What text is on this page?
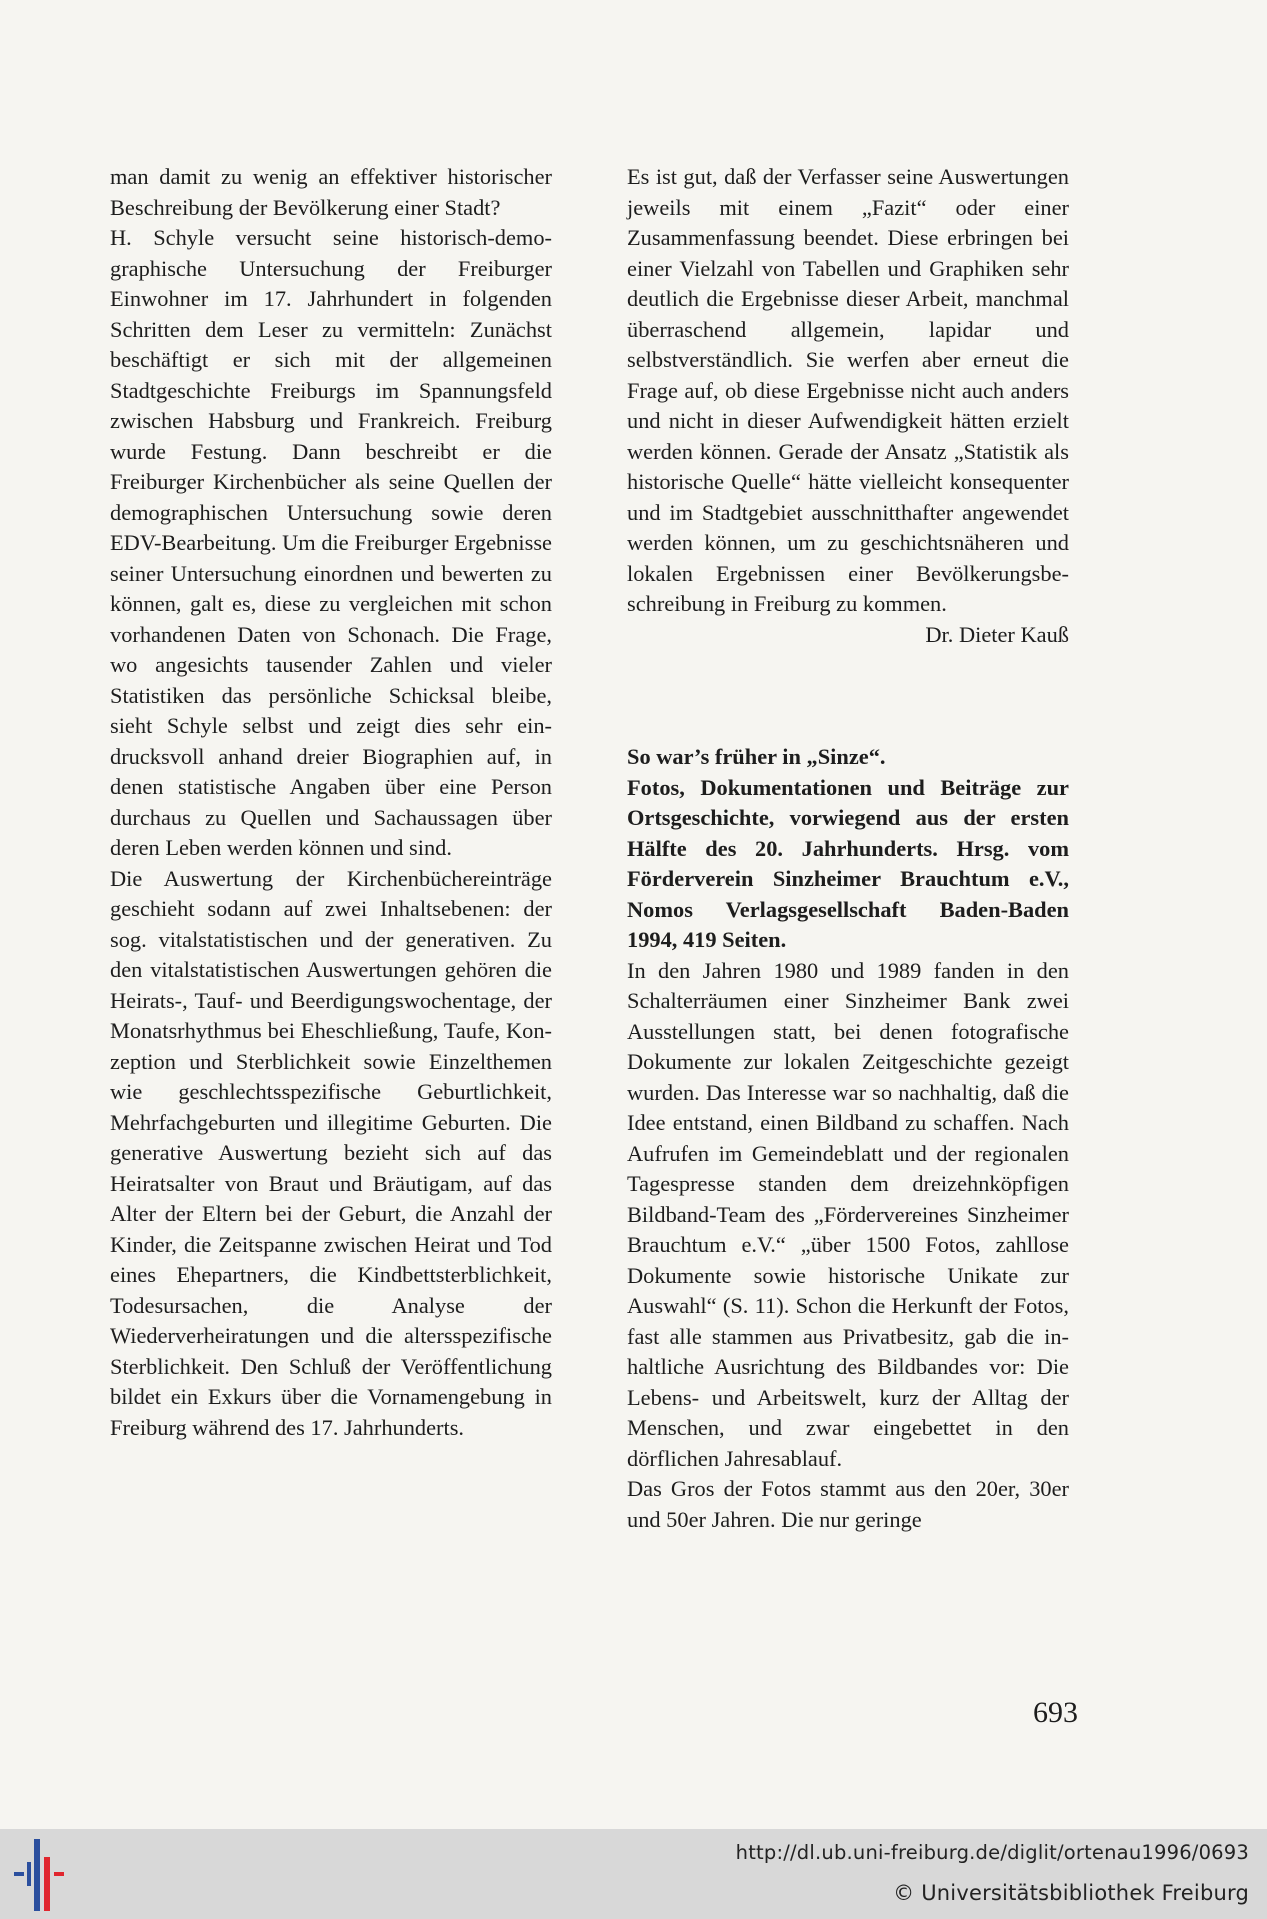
man damit zu wenig an effektiver historischer Beschreibung der Bevölkerung einer Stadt?

H. Schyle versucht seine historisch-demographische Untersuchung der Freiburger Einwohner im 17. Jahrhundert in folgenden Schritten dem Leser zu vermitteln: Zunächst beschäftigt er sich mit der allgemeinen Stadtgeschichte Freiburgs im Spannungsfeld zwischen Habsburg und Frankreich. Freiburg wurde Festung. Dann beschreibt er die Freiburger Kirchenbücher als seine Quellen der demographischen Untersuchung sowie deren EDV-Bearbeitung. Um die Freiburger Ergebnisse seiner Untersuchung einordnen und bewerten zu können, galt es, diese zu vergleichen mit schon vorhandenen Daten von Schonach. Die Frage, wo angesichts tausender Zahlen und vieler Statistiken das persönliche Schicksal bleibe, sieht Schyle selbst und zeigt dies sehr eindrucksvoll anhand dreier Biographien auf, in denen statistische Angaben über eine Person durchaus zu Quellen und Sachaussagen über deren Leben werden können und sind.

Die Auswertung der Kirchenbüchereinträge geschieht sodann auf zwei Inhaltsebenen: der sog. vitalstatistischen und der generativen. Zu den vitalstatistischen Auswertungen gehören die Heirats-, Tauf- und Beerdigungswochentage, der Monatsrhythmus bei Eheschließung, Taufe, Konzeption und Sterblichkeit sowie Einzelthemen wie geschlechtsspezifische Geburtlichkeit, Mehrfachgeburten und illegitime Geburten. Die generative Auswertung bezieht sich auf das Heiratsalter von Braut und Bräutigam, auf das Alter der Eltern bei der Geburt, die Anzahl der Kinder, die Zeitspanne zwischen Heirat und Tod eines Ehepartners, die Kindbettsterblichkeit, Todesursachen, die Analyse der Wiederverheiratungen und die altersspezifische Sterblichkeit. Den Schluß der Veröffentlichung bildet ein Exkurs über die Vornamengebung in Freiburg während des 17. Jahrhunderts.

Es ist gut, daß der Verfasser seine Auswertungen jeweils mit einem „Fazit“ oder einer Zusammenfassung beendet. Diese erbringen bei einer Vielzahl von Tabellen und Graphiken sehr deutlich die Ergebnisse dieser Arbeit, manchmal überraschend allgemein, lapidar und selbstverständlich. Sie werfen aber erneut die Frage auf, ob diese Ergebnisse nicht auch anders und nicht in dieser Aufwendigkeit hätten erzielt werden können. Gerade der Ansatz „Statistik als historische Quelle“ hätte vielleicht konsequenter und im Stadtgebiet ausschnitthafter angewendet werden können, um zu geschichtsnäheren und lokalen Ergebnissen einer Bevölkerungsbeschreibung in Freiburg zu kommen.

Dr. Dieter Kauß

So war’s früher in „Sinze“.

Fotos, Dokumentationen und Beiträge zur Ortsgeschichte, vorwiegend aus der ersten Hälfte des 20. Jahrhunderts. Hrsg. vom Förderverein Sinzheimer Brauchtum e.V., Nomos Verlagsgesellschaft Baden-Baden 1994, 419 Seiten.

In den Jahren 1980 und 1989 fanden in den Schalterräumen einer Sinzheimer Bank zwei Ausstellungen statt, bei denen fotografische Dokumente zur lokalen Zeitgeschichte gezeigt wurden. Das Interesse war so nachhaltig, daß die Idee entstand, einen Bildband zu schaffen. Nach Aufrufen im Gemeindeblatt und der regionalen Tagespresse standen dem dreizehnköpfigen Bildband-Team des „Fördervereines Sinzheimer Brauchtum e.V.“ „über 1500 Fotos, zahllose Dokumente sowie historische Unikate zur Auswahl“ (S. 11). Schon die Herkunft der Fotos, fast alle stammen aus Privatbesitz, gab die inhaltliche Ausrichtung des Bildbandes vor: Die Lebens- und Arbeitswelt, kurz der Alltag der Menschen, und zwar eingebettet in den dörflichen Jahresablauf.

Das Gros der Fotos stammt aus den 20er, 30er und 50er Jahren. Die nur geringe

693
http://dl.ub.uni-freiburg.de/diglit/ortenau1996/0693
© Universitätsbibliothek Freiburg
